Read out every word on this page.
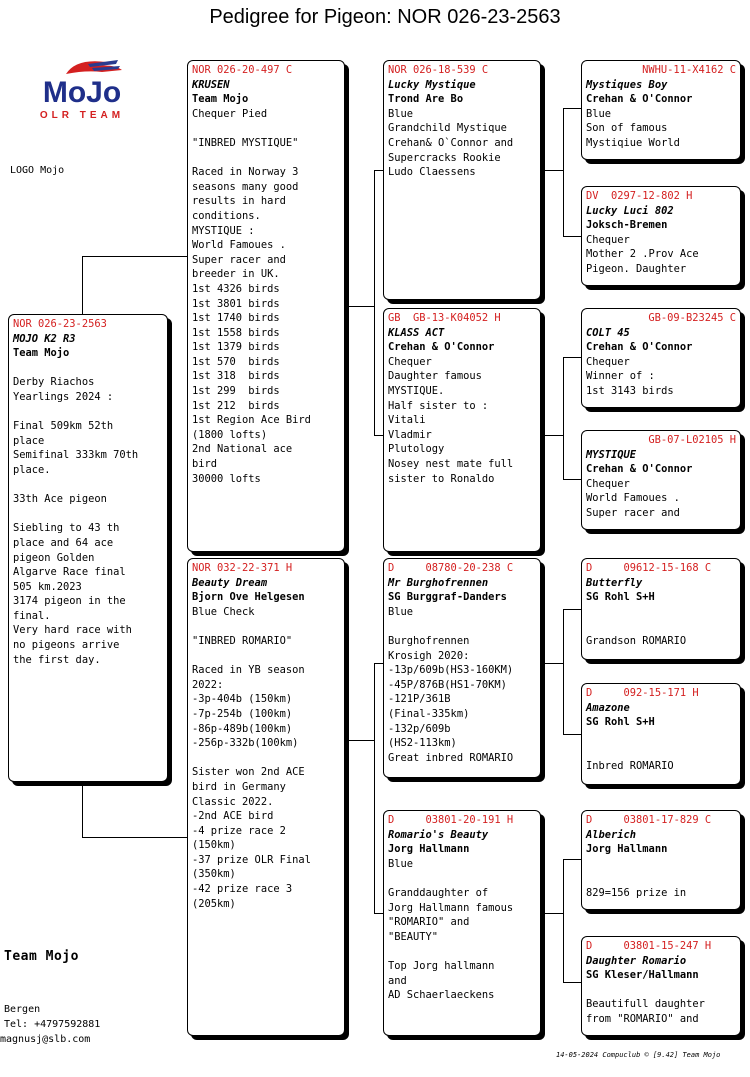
Pedigree for Pigeon: NOR 026-23-2563
MoJo
OLR TEAM
LOGO Mojo
Team Mojo
Bergen
Tel: +4797592881
magnusj@slb.com
14-05-2024 Compuclub © [9.42] Team Mojo
NOR 026-23-2563
MOJO K2 R3
Team Mojo

Derby Riachos
Yearlings 2024 :

Final 509km 52th
place
Semifinal 333km 70th
place.

33th Ace pigeon

Siebling to 43 th
place and 64 ace
pigeon Golden
Algarve Race final
505 km.2023
3174 pigeon in the
final.
Very hard race with
no pigeons arrive
the first day.
NOR 026-20-497 C
KRUSEN
Team Mojo
Chequer Pied

"INBRED MYSTIQUE"

Raced in Norway 3
seasons many good
results in hard
conditions.
MYSTIQUE :
World Famoues .
Super racer and
breeder in UK.
1st 4326 birds
1st 3801 birds
1st 1740 birds
1st 1558 birds
1st 1379 birds
1st 570  birds
1st 318  birds
1st 299  birds
1st 212  birds
1st Region Ace Bird
(1800 lofts)
2nd National ace
bird
30000 lofts
NOR 032-22-371 H
Beauty Dream
Bjorn Ove Helgesen
Blue Check

"INBRED ROMARIO"

Raced in YB season
2022:
-3p-404b (150km)
-7p-254b (100km)
-86p-489b(100km)
-256p-332b(100km)

Sister won 2nd ACE
bird in Germany
Classic 2022.
-2nd ACE bird
-4 prize race 2
(150km)
-37 prize OLR Final
(350km)
-42 prize race 3
(205km)
NOR 026-18-539 C
Lucky Mystique
Trond Are Bo
Blue
Grandchild Mystique
Crehan& O`Connor and
Supercracks Rookie
Ludo Claessens
GB  GB-13-K04052 H
KLASS ACT
Crehan & O'Connor
Chequer
Daughter famous
MYSTIQUE.
Half sister to :
Vitali
Vladmir
Plutology
Nosey nest mate full
sister to Ronaldo
D     08780-20-238 C
Mr Burghofrennen
SG Burggraf-Danders
Blue

Burghofrennen
Krosigh 2020:
-13p/609b(HS3-160KM)
-45P/876B(HS1-70KM)
-121P/361B
(Final-335km)
-132p/609b
(HS2-113km)
Great inbred ROMARIO
D     03801-20-191 H
Romario's Beauty
Jorg Hallmann
Blue

Granddaughter of
Jorg Hallmann famous
"ROMARIO" and
"BEAUTY"

Top Jorg hallmann
and
AD Schaerlaeckens
NWHU-11-X4162 C
Mystiques Boy
Crehan & O'Connor
Blue
Son of famous
Mystiqiue World
DV  0297-12-802 H
Lucky Luci 802
Joksch-Bremen
Chequer
Mother 2 .Prov Ace
Pigeon. Daughter
GB-09-B23245 C
COLT 45
Crehan & O'Connor
Chequer
Winner of :
1st 3143 birds
GB-07-L02105 H
MYSTIQUE
Crehan & O'Connor
Chequer
World Famoues .
Super racer and
D     09612-15-168 C
Butterfly
SG Rohl S+H

Grandson ROMARIO
D     092-15-171 H
Amazone
SG Rohl S+H

Inbred ROMARIO
D     03801-17-829 C
Alberich
Jorg Hallmann

829=156 prize in
D     03801-15-247 H
Daughter Romario
SG Kleser/Hallmann

Beautifull daughter
from "ROMARIO" and
